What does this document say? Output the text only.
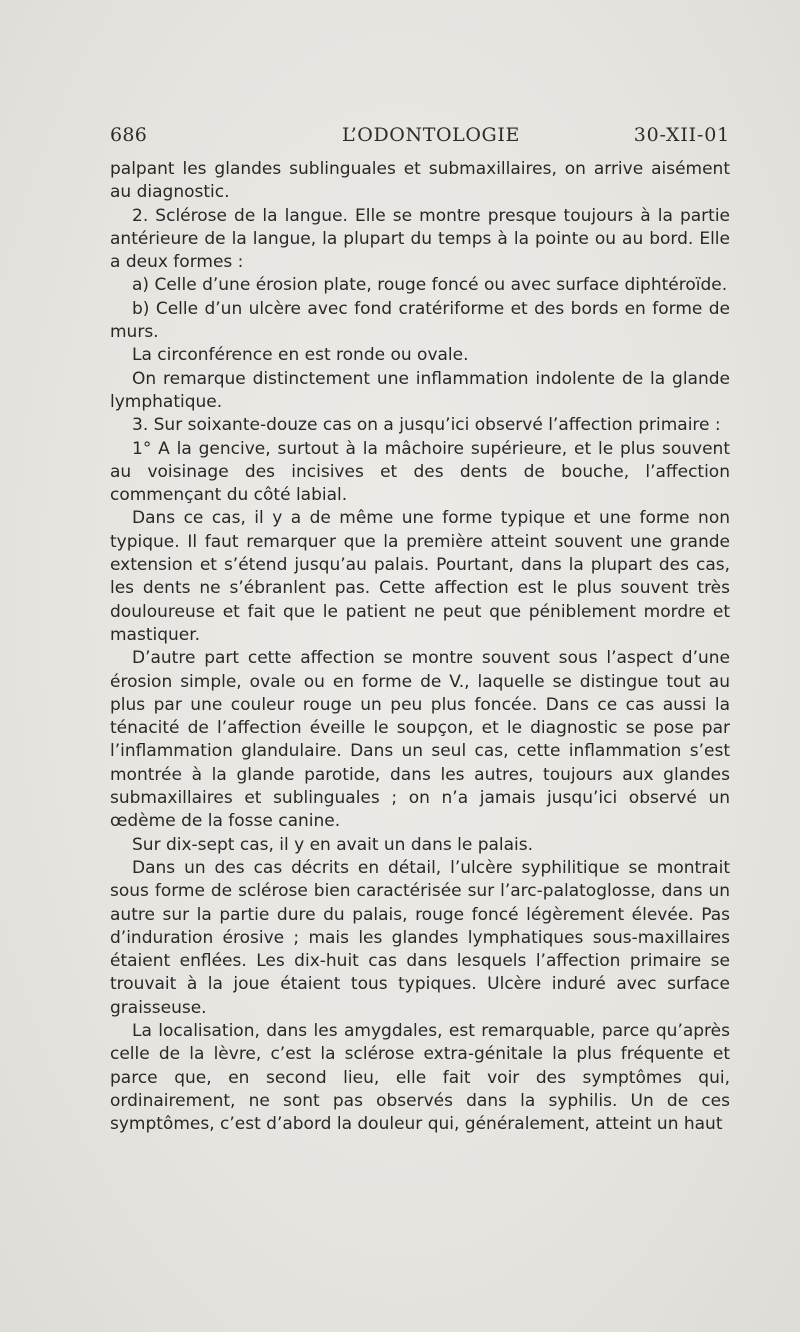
686	L’ODONTOLOGIE	30-XII-01

palpant les glandes sublinguales et submaxillaires, on arrive aisément au diagnostic.

2. Sclérose de la langue. Elle se montre presque toujours à la partie antérieure de la langue, la plupart du temps à la pointe ou au bord. Elle a deux formes :

a) Celle d’une érosion plate, rouge foncé ou avec surface diphtéroïde.

b) Celle d’un ulcère avec fond cratériforme et des bords en forme de murs.

La circonférence en est ronde ou ovale.

On remarque distinctement une inflammation indolente de la glande lymphatique.

3. Sur soixante-douze cas on a jusqu’ici observé l’affection primaire :

1° A la gencive, surtout à la mâchoire supérieure, et le plus souvent au voisinage des incisives et des dents de bouche, l’affection commençant du côté labial.

Dans ce cas, il y a de même une forme typique et une forme non typique. Il faut remarquer que la première atteint souvent une grande extension et s’étend jusqu’au palais. Pourtant, dans la plupart des cas, les dents ne s’ébranlent pas. Cette affection est le plus souvent très douloureuse et fait que le patient ne peut que péniblement mordre et mastiquer.

D’autre part cette affection se montre souvent sous l’aspect d’une érosion simple, ovale ou en forme de V., laquelle se distingue tout au plus par une couleur rouge un peu plus foncée. Dans ce cas aussi la ténacité de l’affection éveille le soupçon, et le diagnostic se pose par l’inflammation glandulaire. Dans un seul cas, cette inflammation s’est montrée à la glande parotide, dans les autres, toujours aux glandes submaxillaires et sublinguales ; on n’a jamais jusqu’ici observé un œdème de la fosse canine.

Sur dix-sept cas, il y en avait un dans le palais.

Dans un des cas décrits en détail, l’ulcère syphilitique se montrait sous forme de sclérose bien caractérisée sur l’arc-palatoglosse, dans un autre sur la partie dure du palais, rouge foncé légèrement élevée. Pas d’induration érosive ; mais les glandes lymphatiques sous-maxillaires étaient enflées. Les dix-huit cas dans lesquels l’affection primaire se trouvait à la joue étaient tous typiques. Ulcère induré avec surface graisseuse.

La localisation, dans les amygdales, est remarquable, parce qu’après celle de la lèvre, c’est la sclérose extra-génitale la plus fréquente et parce que, en second lieu, elle fait voir des symptômes qui, ordinairement, ne sont pas observés dans la syphilis. Un de ces symptômes, c’est d’abord la douleur qui, généralement, atteint un haut
